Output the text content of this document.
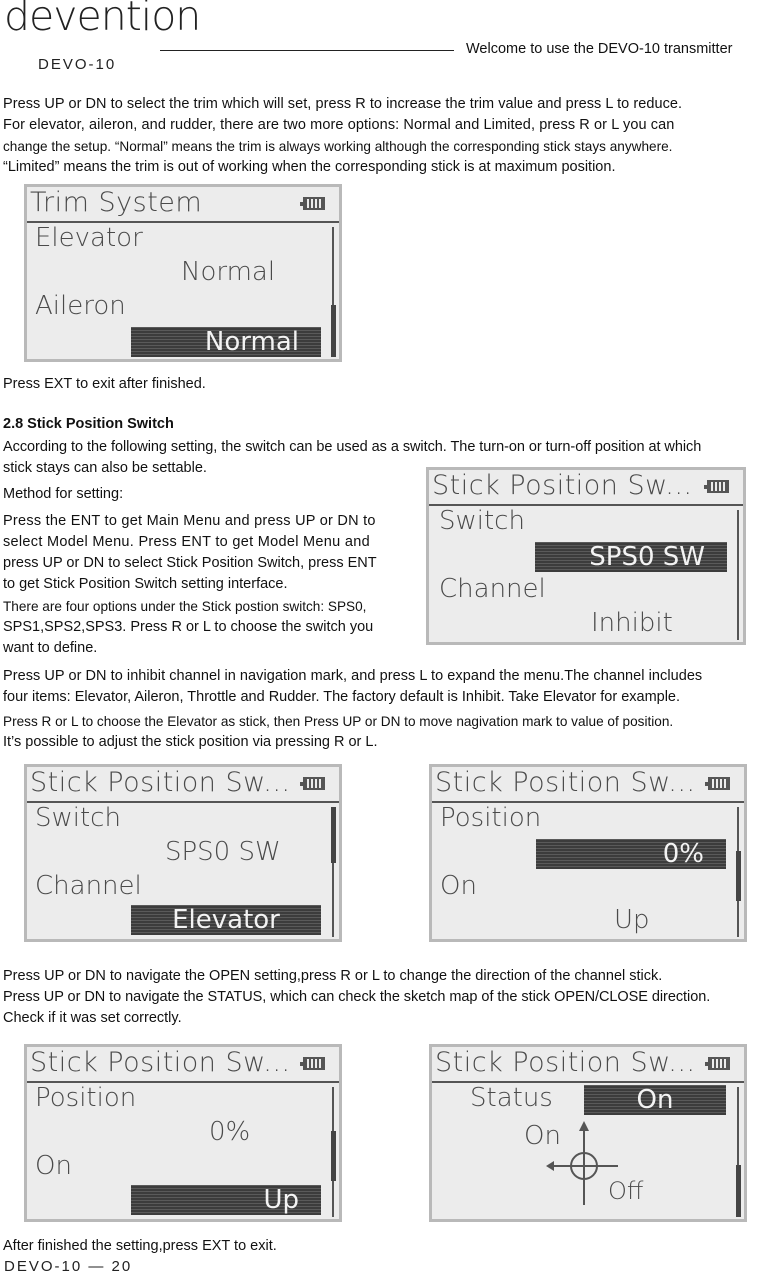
devention
DEVO-10
Welcome to use the DEVO-10 transmitter

Press UP or DN to select the trim which will set, press R to increase the trim value and press L to reduce.

For elevator, aileron, and rudder, there are two more options: Normal and Limited, press R or L you can

change the setup. “Normal” means the trim is always working although the corresponding stick stays anywhere.

“Limited” means the trim is out of working when the corresponding stick is at maximum position.

Trim System
Elevator
Normal
Aileron
Normal
Press EXT to exit after finished.
2.8 Stick Position Switch

According to the following setting, the switch can be used as a switch. The turn-on or turn-off position at which

stick stays can also be settable.

Method for setting:

Press the ENT to get Main Menu and press UP or DN to

select Model Menu. Press ENT to get Model Menu and

press UP or DN to select Stick Position Switch, press ENT

to get Stick Position Switch setting interface.

There are four options under the Stick postion switch: SPS0,

SPS1,SPS2,SPS3. Press R or L to choose the switch you

want to define.

Stick Position Sw...
Switch
SPS0 SW
Channel
Inhibit

Press UP or DN to inhibit channel in navigation mark, and press L to expand the menu.The channel includes

four items: Elevator, Aileron, Throttle and Rudder. The factory default is Inhibit. Take Elevator for example.

Press R or L to choose the Elevator as stick, then Press UP or DN to move nagivation mark to value of position.

It’s possible to adjust the stick position via pressing R or L.

Stick Position Sw...
Switch
SPS0 SW
Channel
Elevator
Stick Position Sw...
Position
0%
On
Up

Press UP or DN to navigate the OPEN setting,press R or L to change the direction of the channel stick.

Press UP or DN to navigate the STATUS, which can check the sketch map of the stick OPEN/CLOSE direction.

Check if it was set correctly.

Stick Position Sw...
Position
0%
On
Up
Stick Position Sw...
Status	On
On
Off
After finished the setting,press EXT to exit.
DEVO-10 — 20
